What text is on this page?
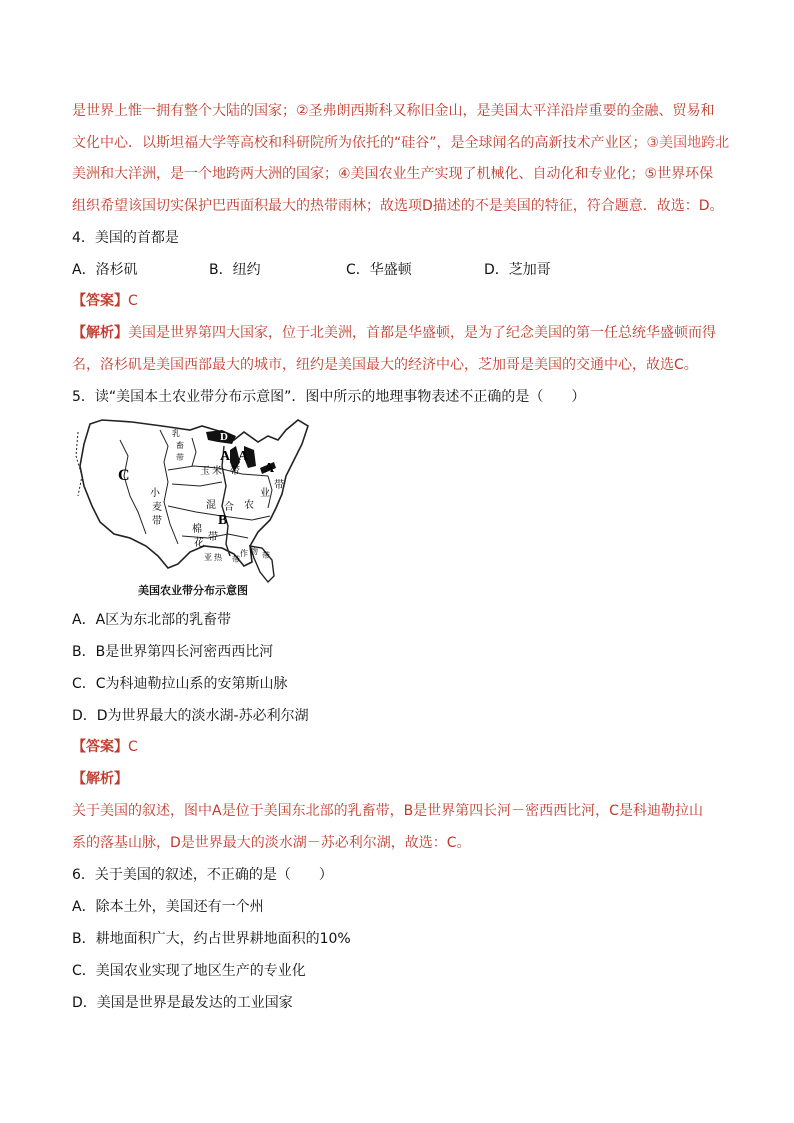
是世界上惟一拥有整个大陆的国家；②圣弗朗西斯科又称旧金山，是美国太平洋沿岸重要的金融、贸易和
文化中心．以斯坦福大学等高校和科研院所为依托的“硅谷”，是全球闻名的高新技术产业区；③美国地跨北
美洲和大洋洲，是一个地跨两大洲的国家；④美国农业生产实现了机械化、自动化和专业化；⑤世界环保
组织希望该国切实保护巴西面积最大的热带雨林；故选项D描述的不是美国的特征，符合题意．故选：D。
4．美国的首都是
A．洛杉矶	B．纽约	C．华盛顿	D．芝加哥
【答案】C
【解析】美国是世界第四大国家，位于北美洲，首都是华盛顿，是为了纪念美国的第一任总统华盛顿而得
名，洛杉矶是美国西部最大的城市，纽约是美国最大的经济中心，芝加哥是美国的交通中心，故选C。
5．读“美国本土农业带分布示意图”．图中所示的地理事物表述不正确的是（　　）
C
A A
A
B
D
玉 米 带
小
麦
带
混 合 农
业
带
棉
花
带
亚 热 带
作 物 带
乳
畜
带
美国农业带分布示意图
A．A区为东北部的乳畜带
B．B是世界第四长河密西西比河
C．C为科迪勒拉山系的安第斯山脉
D．D为世界最大的淡水湖-苏必利尔湖
【答案】C
【解析】
关于美国的叙述，图中A是位于美国东北部的乳畜带，B是世界第四长河－密西西比河，C是科迪勒拉山
系的落基山脉，D是世界最大的淡水湖－苏必利尔湖，故选：C。
6．关于美国的叙述，不正确的是（　　）
A．除本土外，美国还有一个州
B．耕地面积广大，约占世界耕地面积的10%
C．美国农业实现了地区生产的专业化
D．美国是世界是最发达的工业国家
